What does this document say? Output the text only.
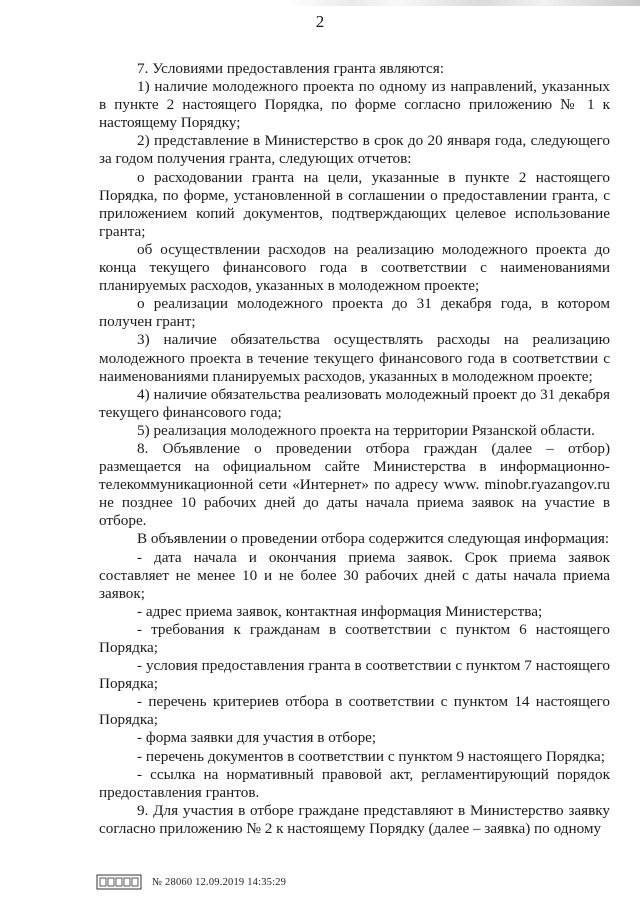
2

7. Условиями предоставления гранта являются:

1) наличие молодежного проекта по одному из направлений, указанных в пункте 2 настоящего Порядка, по форме согласно приложению № 1 к настоящему Порядку;

2) представление в Министерство в срок до 20 января года, следующего за годом получения гранта, следующих отчетов:

о расходовании гранта на цели, указанные в пункте 2 настоящего Порядка, по форме, установленной в соглашении о предоставлении гранта, с приложением копий документов, подтверждающих целевое использование гранта;

об осуществлении расходов на реализацию молодежного проекта до конца текущего финансового года в соответствии с наименованиями планируемых расходов, указанных в молодежном проекте;

о реализации молодежного проекта до 31 декабря года, в котором получен грант;

3) наличие обязательства осуществлять расходы на реализацию молодежного проекта в течение текущего финансового года в соответствии с наименованиями планируемых расходов, указанных в молодежном проекте;

4) наличие обязательства реализовать молодежный проект до 31 декабря текущего финансового года;

5) реализация молодежного проекта на территории Рязанской области.

8. Объявление о проведении отбора граждан (далее – отбор) размещается на официальном сайте Министерства в информационно-телекоммуникационной сети «Интернет» по адресу www. minobr.ryazangov.ru не позднее 10 рабочих дней до даты начала приема заявок на участие в отборе.

В объявлении о проведении отбора содержится следующая информация:

- дата начала и окончания приема заявок. Срок приема заявок составляет не менее 10 и не более 30 рабочих дней с даты начала приема заявок;

- адрес приема заявок, контактная информация Министерства;

- требования к гражданам в соответствии с пунктом 6 настоящего Порядка;

- условия предоставления гранта в соответствии с пунктом 7 настоящего Порядка;

- перечень критериев отбора в соответствии с пунктом 14 настоящего Порядка;

- форма заявки для участия в отборе;

- перечень документов в соответствии с пунктом 9 настоящего Порядка;

- ссылка на нормативный правовой акт, регламентирующий порядок предоставления грантов.

9. Для участия в отборе граждане представляют в Министерство заявку согласно приложению № 2 к настоящему Порядку (далее – заявка) по одному

№ 28060 12.09.2019 14:35:29
